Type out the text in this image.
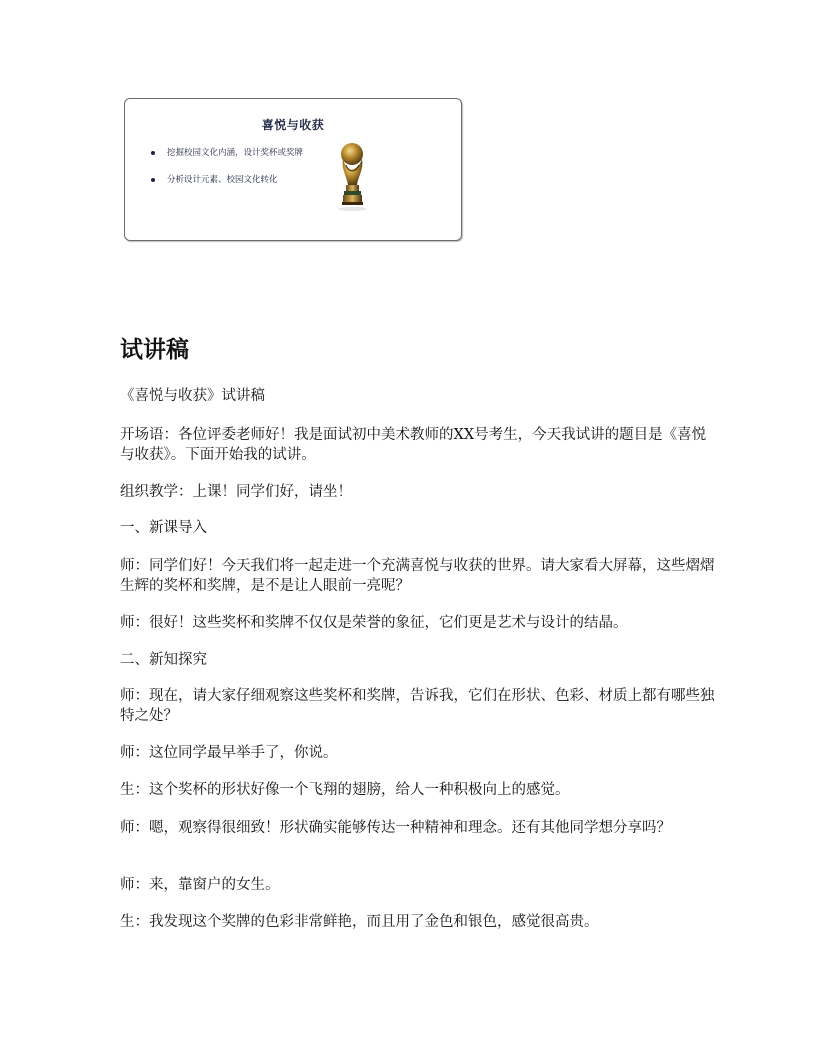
喜悦与收获
挖掘校园文化内涵，设计奖杯或奖牌
分析设计元素、校园文化转化
试讲稿

《喜悦与收获》试讲稿

开场语：各位评委老师好！我是面试初中美术教师的XX号考生，今天我试讲的题目是《喜悦与收获》。下面开始我的试讲。

组织教学：上课！同学们好，请坐！

一、新课导入

师：同学们好！今天我们将一起走进一个充满喜悦与收获的世界。请大家看大屏幕，这些熠熠生辉的奖杯和奖牌，是不是让人眼前一亮呢？

师：很好！这些奖杯和奖牌不仅仅是荣誉的象征，它们更是艺术与设计的结晶。

二、新知探究

师：现在，请大家仔细观察这些奖杯和奖牌，告诉我，它们在形状、色彩、材质上都有哪些独特之处？

师：这位同学最早举手了，你说。

生：这个奖杯的形状好像一个飞翔的翅膀，给人一种积极向上的感觉。

师：嗯，观察得很细致！形状确实能够传达一种精神和理念。还有其他同学想分享吗？

师：来，靠窗户的女生。

生：我发现这个奖牌的色彩非常鲜艳，而且用了金色和银色，感觉很高贵。
